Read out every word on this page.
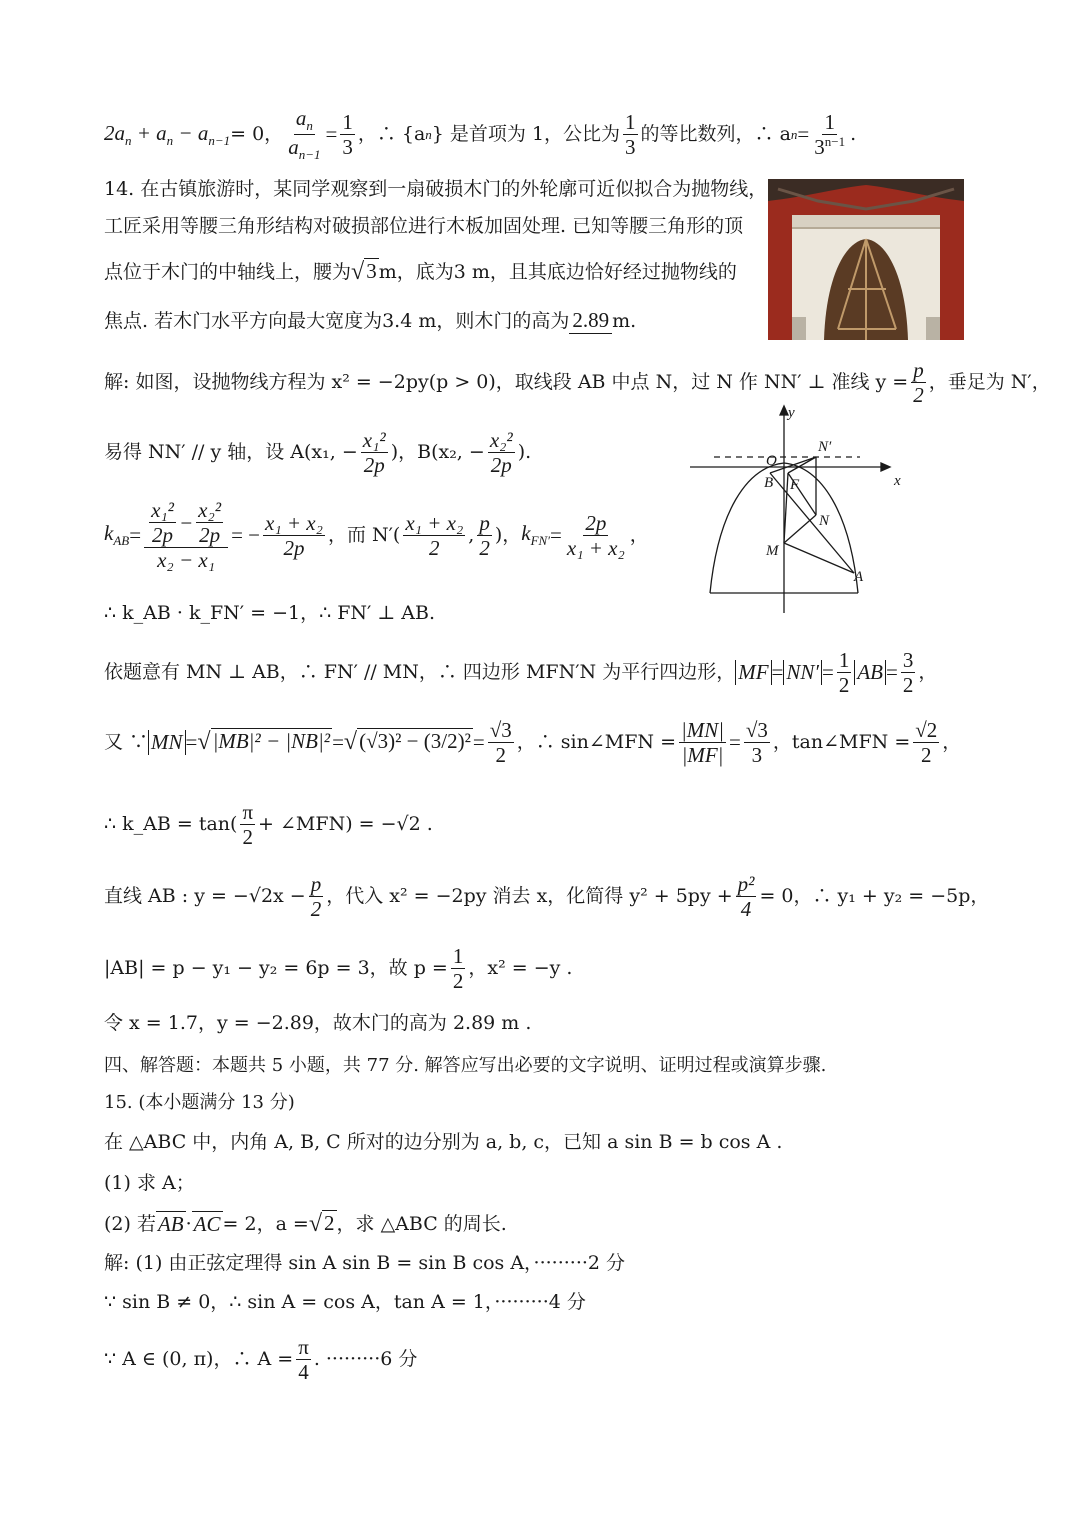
$2a_n + a_n - a_{n-1} = 0$， $\frac{a_n}{a_{n-1}} = \frac{1}{3}$ ，∴ {a n } 是首项为 1，公比为 $\frac{1}{3}$ 的等比数列，∴ a $n = \frac{1}{3^{n-1}}$ .
14. 在古镇旅游时，某同学观察到一扇破损木门的外轮廓可近似拟合为抛物线，
工匠采用等腰三角形结构对破损部位进行木板加固处理. 已知等腰三角形的顶
点位于木门的中轴线上，腰为 √ 3 m，底为3 m，且其底边恰好经过抛物线的
焦点. 若木门水平方向最大宽度为3.4 m，则木门的高为 2.89 m.
解: 如图，设抛物线方程为 x² = −2py(p > 0)，取线段 AB 中点 N，过 N 作 NN′ ⊥ 准线 $y = \frac{p}{2}$ ，垂足为 N′，
易得 NN′ // y 轴，设 A(x₁, − $\frac{\text{x₁²}}{2p}$ )，B(x₂, − $\frac{\text{x₂²}}{2p}$ ).
$k_{AB} = \frac{\frac{\text{x₁²}}{2p} - \frac{\text{x₂²}}{2p}}{\text{x₂ − x₁}}$ = − $\frac{\text{x₁ + x₂}}{2p}$ ，而 $N'( \frac{\text{x₁ + x₂}}{2}$ , $\frac{p}{2}$ )， $k_{FN'} = \frac{2p}{\text{x₁ + x₂}}$ ，
∴ k_AB · k_FN′ = −1，∴ FN′ ⊥ AB.
依题意有 MN ⊥ AB，∴ FN′ // MN，∴ 四边形 MFN′N 为平行四边形， MF = $NN' = \frac{1}{2}$ AB = $\frac{3}{2}$ ，
又 ∵ MN = √ |MB|² − |NB|² = √ $(√3)^2 - (3/2)^2 = \frac{√3}{2}$ ，∴ sin∠MFN = $\frac{|MN|}{|MF|} = \frac{√3}{3}$ ，tan∠MFN = $\frac{√2}{2}$ ，
∴ k_AB = $\tan( \frac{\pi}{2}$ + ∠MFN) = −√2 .
直线 AB : $y = -√2x - \frac{p}{2}$ ，代入 x² = −2py 消去 x，化简得 $y^2 + 5py + \frac{\text{p²}}{4} = 0$，∴ y₁ + y₂ = −5p，
|AB| = p − y₁ − y₂ = 6p = 3，故 $p = \frac{1}{2}$ ，x² = −y .
令 x = 1.7，y = −2.89，故木门的高为 2.89 m .
y
x
O
N′
B F
N
M
A
四、解答题：本题共 5 小题，共 77 分. 解答应写出必要的文字说明、证明过程或演算步骤.
15. (本小题满分 13 分)
在 △ABC 中，内角 A, B, C 所对的边分别为 a, b, c，已知 a sin B = b cos A .
(1) 求 A；
(2) 若 AB · AC = 2，a = √ 2 ，求 △ABC 的周长.
解: (1) 由正弦定理得 sin A sin B = sin B cos A，·········2 分
∵ sin B ≠ 0，∴ sin A = cos A，tan A = 1，·········4 分
∵ A ∈ (0, π)，∴ $A = \frac{\pi}{4}$ . ·········6 分
